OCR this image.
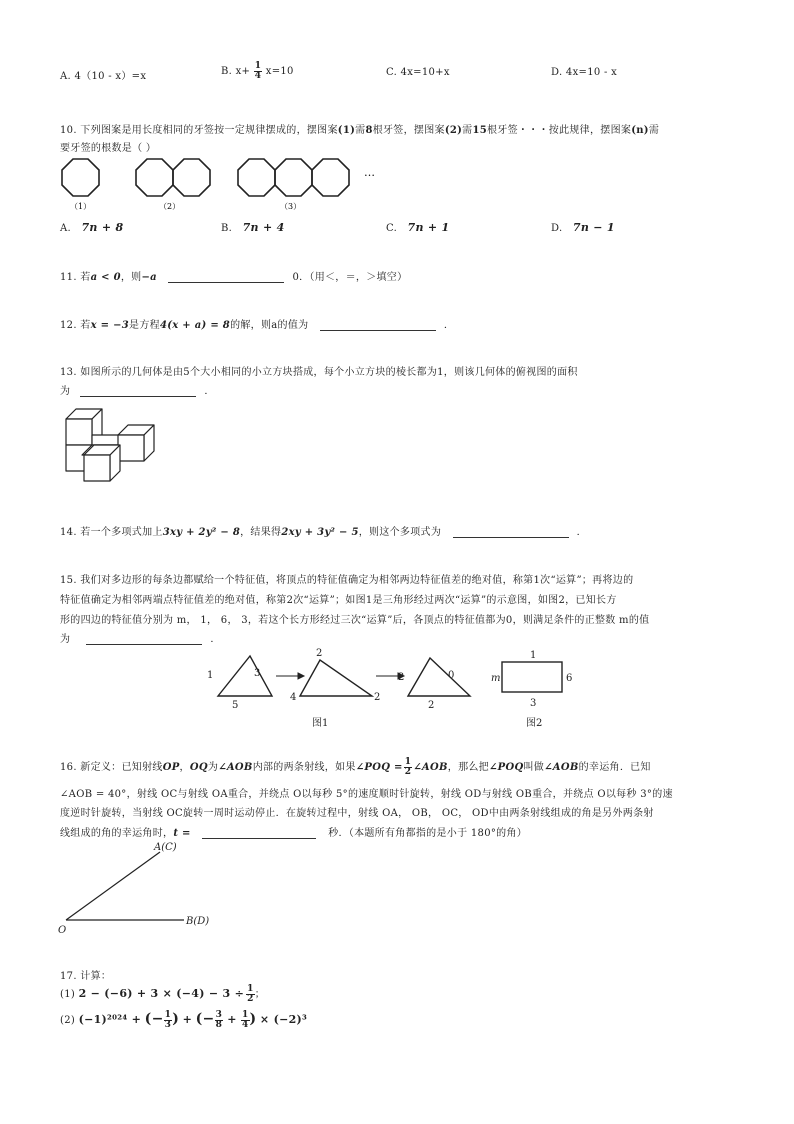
A. 4（10 - x）=x	B. $x+ \frac{1}{4} x=10$	C. 4x=10+x	D. 4x=10 - x
10. 下列图案是用长度相同的牙签按一定规律摆成的，摆图案(1)需8根牙签，摆图案(2)需15根牙签・・・按此规律，摆图案(n)需
要牙签的根数是（ ）
…
（1）	（2）	（3）
A. 7n + 8	B. 7n + 4	C. 7n + 1	D. 7n − 1
11. 若a < 0，则−a	0．（用＜，＝，＞填空）
12. 若x = −3是方程4(x + a) = 8的解，则a的值为	．
13. 如图所示的几何体是由5个大小相同的小立方块搭成，每个小立方块的棱长都为1，则该几何体的俯视图的面积
为	．
14. 若一个多项式加上3xy + 2y² − 8，结果得2xy + 3y² − 5，则这个多项式为	．
15. 我们对多边形的每条边都赋给一个特征值，将顶点的特征值确定为相邻两边特征值差的绝对值，称第1次“运算”；再将边的
特征值确定为相邻两端点特征值差的绝对值，称第2次“运算”；如图1是三角形经过两次“运算”的示意图，如图2，已知长方
形的四边的特征值分别为 m， 1， 6， 3，若这个长方形经过三次“运算”后，各顶点的特征值都为0，则满足条件的正整数 m的值
为	．
1	3
5
2
4	2
2	0
2
1
m	6
3
图1	图2
16. 新定义：已知射线OP，OQ为∠AOB内部的两条射线，如果∠POQ = $\frac{1}{2}$ ∠AOB，那么把∠POQ叫做∠AOB的幸运角．已知
∠AOB = 40°，射线 OC与射线 OA重合，并绕点 O以每秒 5°的速度顺时针旋转，射线 OD与射线 OB重合，并绕点 O以每秒 3°的速
度逆时针旋转，当射线 OC旋转一周时运动停止．在旋转过程中，射线 OA， OB， OC， OD中由两条射线组成的角是另外两条射
线组成的角的幸运角时，t =	秒．（本题所有角都指的是小于 180°的角）
A(C)
B(D)
O
17. 计算：
(1) $2 - (-6) + 3 \times (-4) - 3 \div \frac{1}{2}$ ；
(2) (−1)²⁰²⁴ + (− $\frac{1}{3}$ ) + (− $\frac{3}{8} + \frac{1}{4}$ ) × (−2)³
